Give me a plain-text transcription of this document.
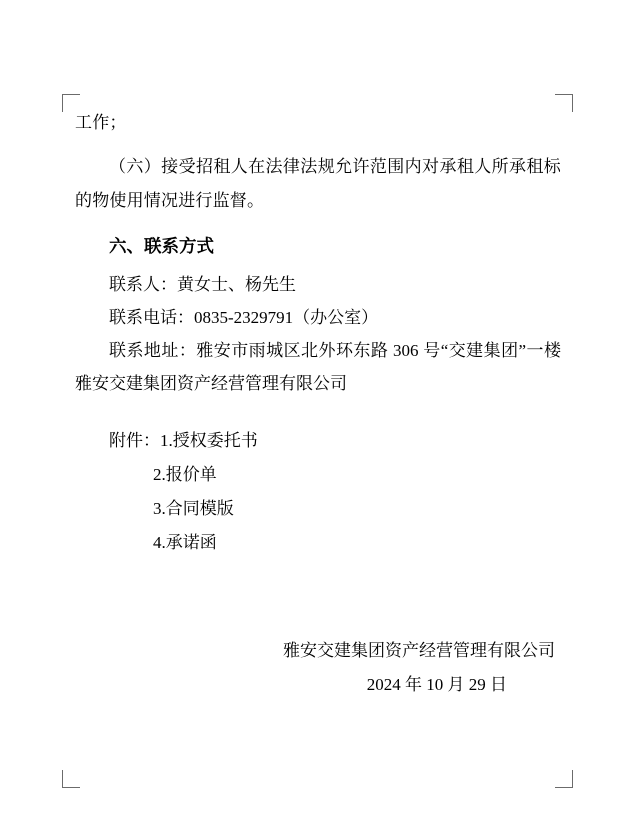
工作；

（六）接受招租人在法律法规允许范围内对承租人所承租标的物使用情况进行监督。

六、联系方式

联系人：黄女士、杨先生

联系电话：0835-2329791（办公室）

联系地址：雅安市雨城区北外环东路 306 号“交建集团”一楼雅安交建集团资产经营管理有限公司

附件：1.授权委托书

2.报价单

3.合同模版

4.承诺函

雅安交建集团资产经营管理有限公司

2024 年 10 月 29 日
